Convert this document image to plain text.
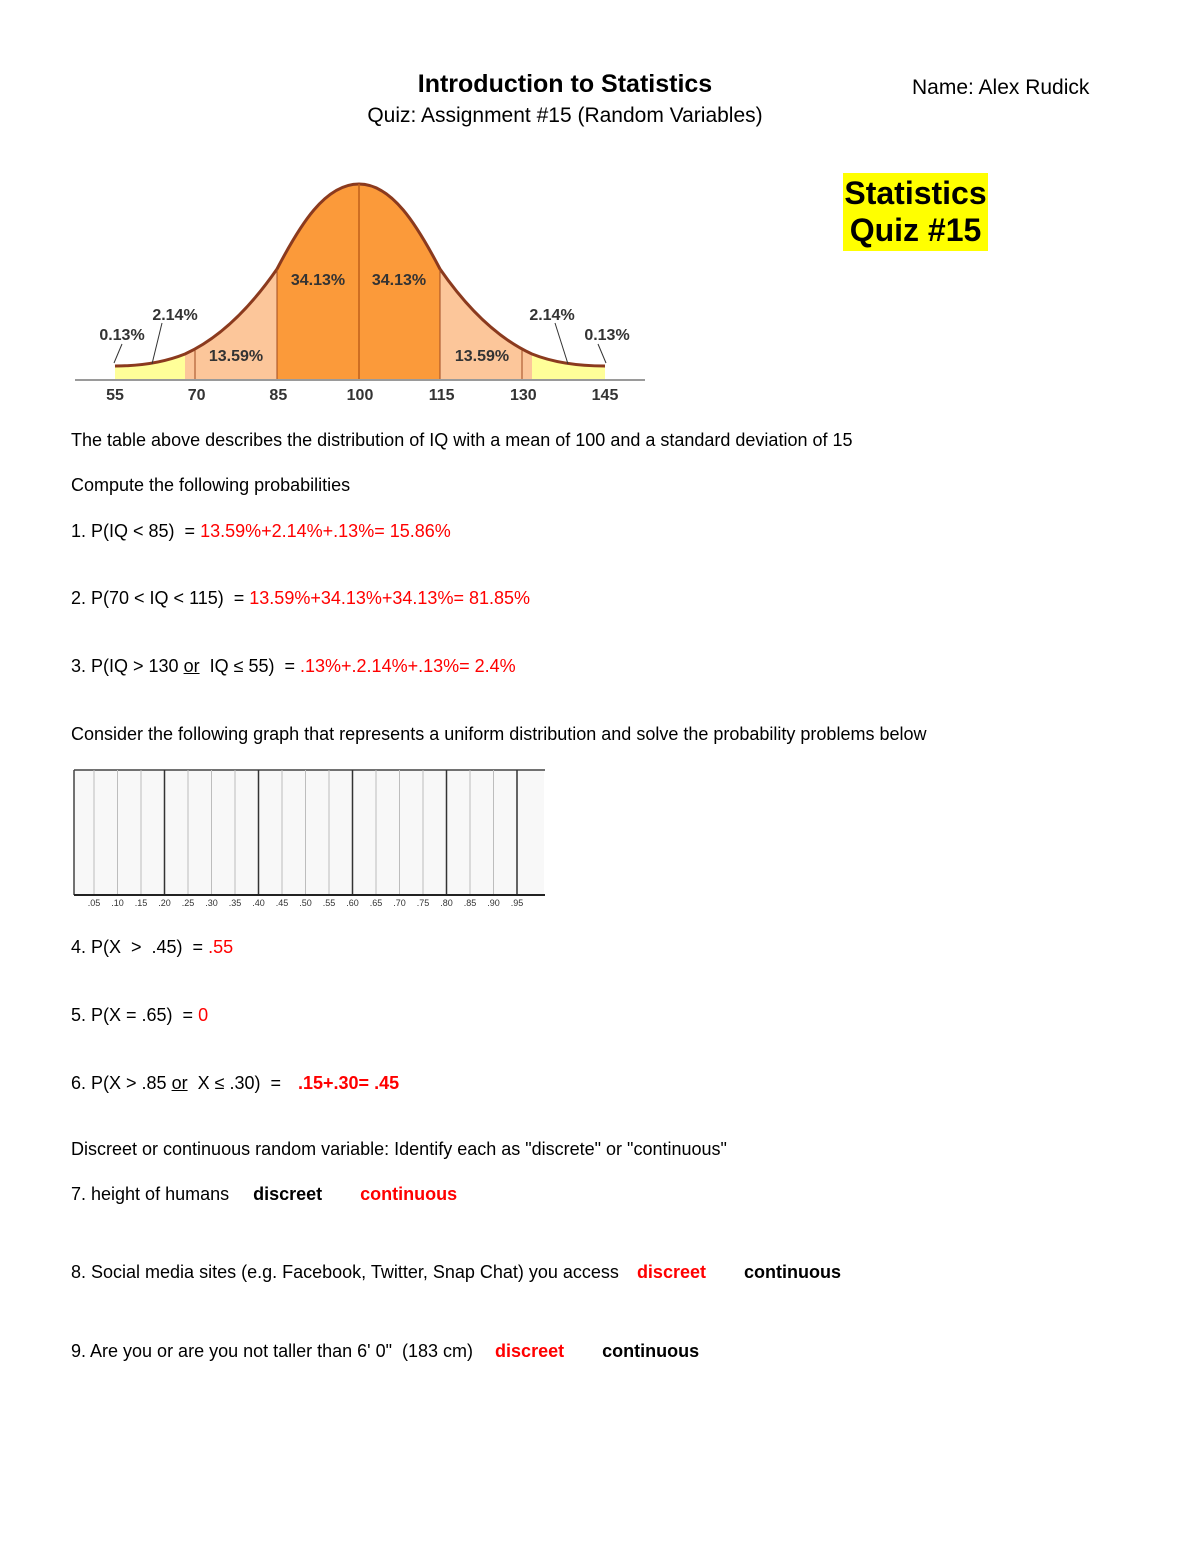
Introduction to Statistics
Quiz: Assignment #15 (Random Variables)
Name: Alex Rudick
Statistics
Quiz #15
0.13%
2.14%
13.59%
34.13% 34.13%
13.59%
2.14%
0.13%
55	70	85	100	115	130	145
The table above describes the distribution of IQ with a mean of 100 and a standard deviation of 15
Compute the following probabilities
1. P(IQ < 85)  = 13.59%+2.14%+.13%= 15.86%
2. P(70 < IQ < 115)  = 13.59%+34.13%+34.13%= 81.85%
3. P(IQ > 130 or  IQ ≤ 55)  = .13%+.2.14%+.13%= 2.4%
Consider the following graph that represents a uniform distribution and solve the probability problems below
.05 .10 .15 .20 .25 .30 .35 .40 .45 .50 .55 .60 .65 .70 .75 .80 .85 .90 .95
4. P(X  >  .45)  = .55
5. P(X = .65)  = 0
6. P(X > .85 or  X ≤ .30)  = .15+.30= .45
Discreet or continuous random variable: Identify each as "discrete" or "continuous"
7. height of humans discreet continuous
8. Social media sites (e.g. Facebook, Twitter, Snap Chat) you access discreet continuous
9. Are you or are you not taller than 6' 0"  (183 cm) discreet continuous
